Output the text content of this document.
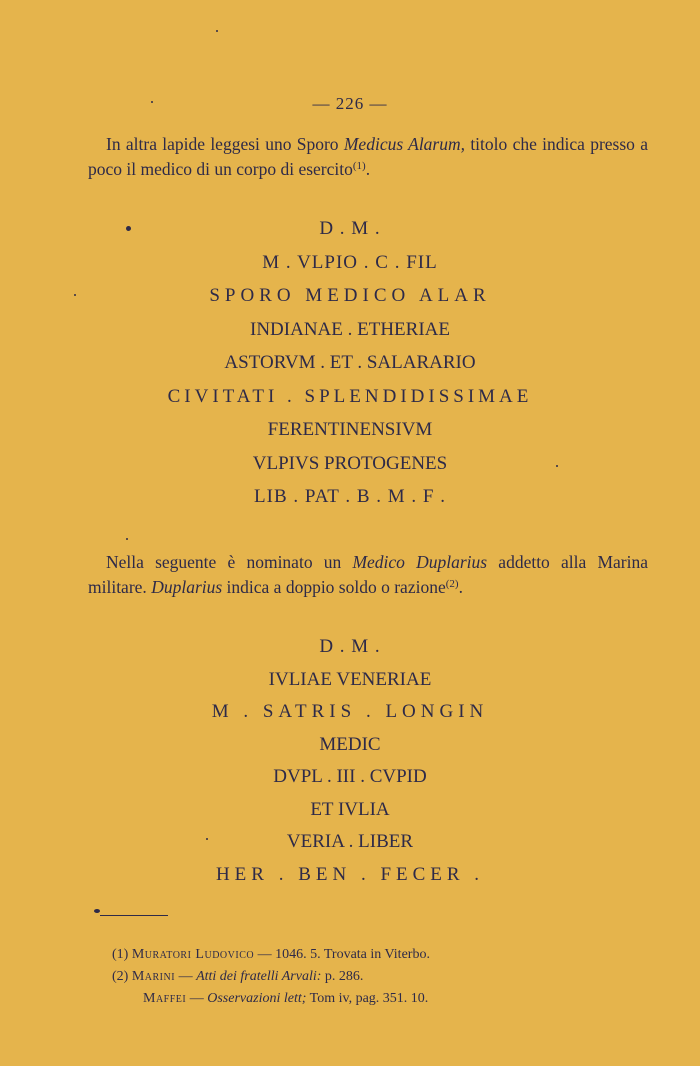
— 226 —
In altra lapide leggesi uno Sporo Medicus Alarum, titolo che indica presso a poco il medico di un corpo di esercito$^{(1)}$.
D . M .
M . VLPIO . C . FIL
SPORO MEDICO ALAR
INDIANAE . ETHERIAE
ASTORVM . ET . SALARARIO
CIVITATI . SPLENDIDISSIMAE
FERENTINENSIVM
VLPIVS PROTOGENES
LIB . PAT . B . M . F .
Nella seguente è nominato un Medico Duplarius addetto alla Marina militare. Duplarius indica a doppio soldo o razione$^{(2)}$.
D . M .
IVLIAE VENERIAE
M . SATRIS . LONGIN
MEDIC
DVPL . III . CVPID
ET IVLIA
VERIA . LIBER
HER . BEN . FECER .
(1) Muratori Ludovico — 1046. 5. Trovata in Viterbo.
(2) Marini — Atti dei fratelli Arvali: p. 286.
Maffei — Osservazioni lett; Tom iv, pag. 351. 10.
